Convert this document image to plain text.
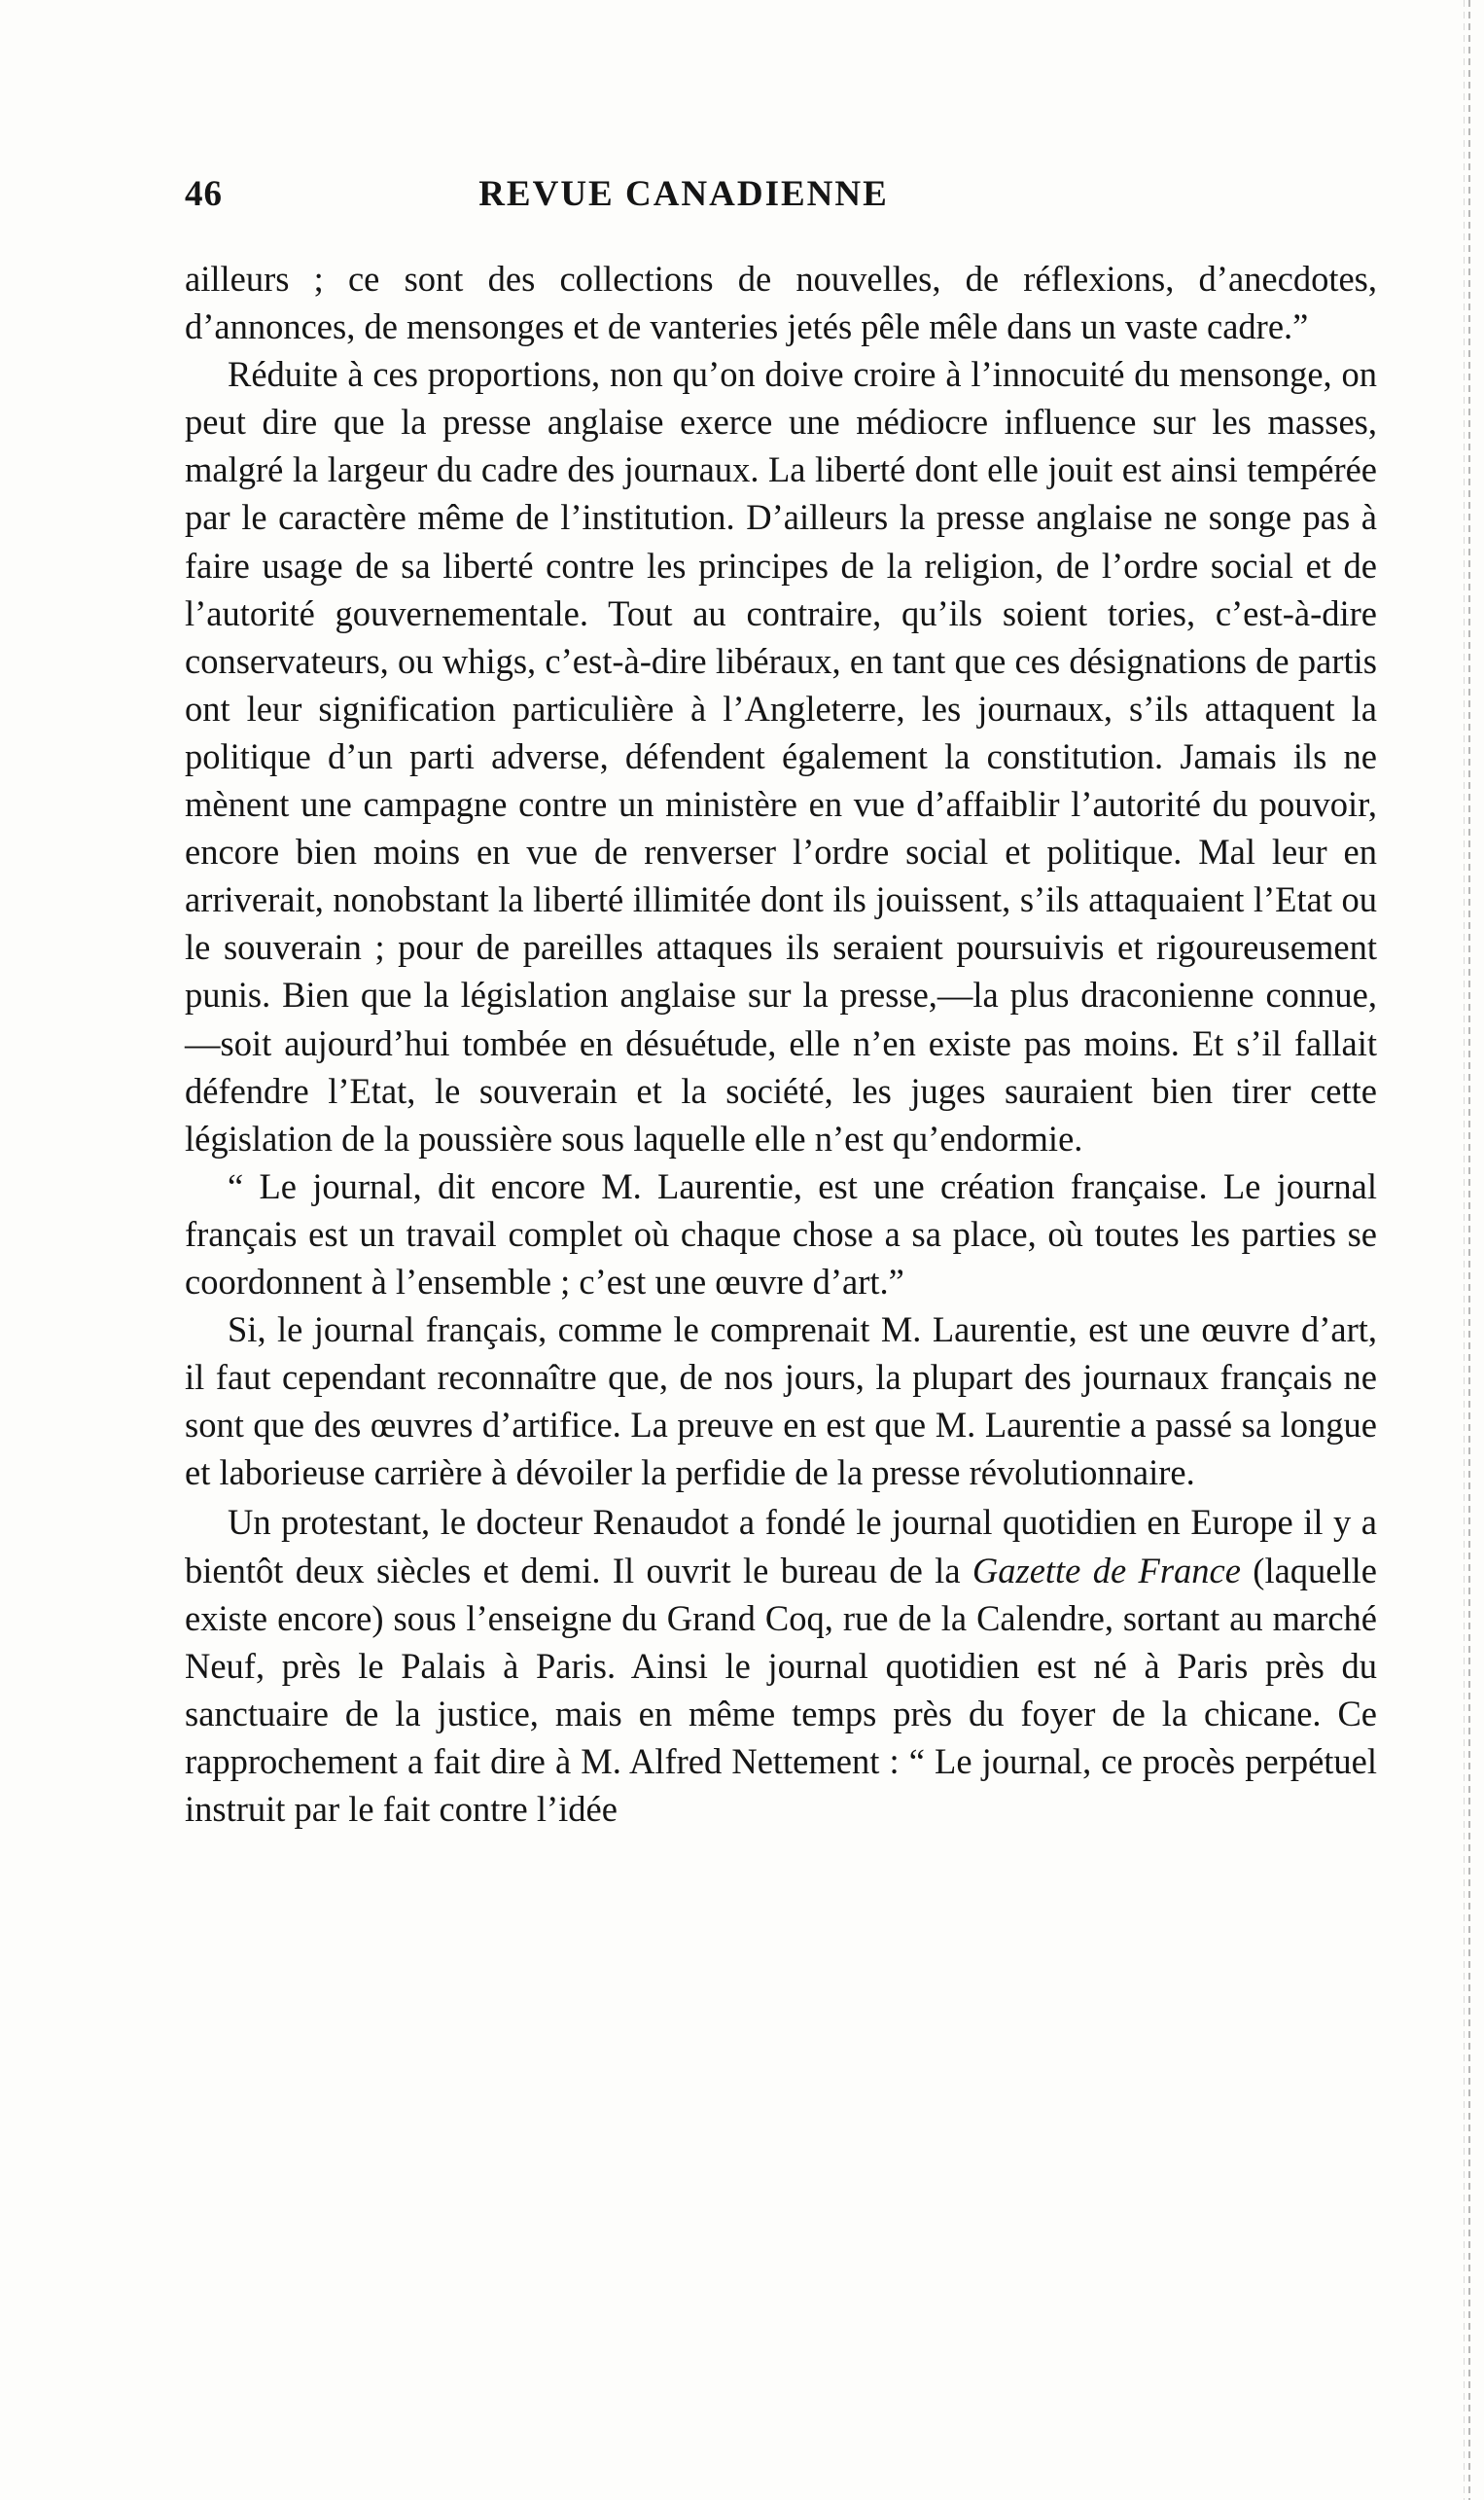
46	REVUE CANADIENNE

ailleurs ; ce sont des collections de nouvelles, de réflexions, d’anecdotes, d’annonces, de mensonges et de vanteries jetés pêle mêle dans un vaste cadre.”

Réduite à ces proportions, non qu’on doive croire à l’innocuité du mensonge, on peut dire que la presse anglaise exerce une médiocre influence sur les masses, malgré la largeur du cadre des journaux. La liberté dont elle jouit est ainsi tempérée par le caractère même de l’institution. D’ailleurs la presse anglaise ne songe pas à faire usage de sa liberté contre les principes de la religion, de l’ordre social et de l’autorité gouvernementale. Tout au contraire, qu’ils soient tories, c’est-à-dire conservateurs, ou whigs, c’est-à-dire libéraux, en tant que ces désignations de partis ont leur signification particulière à l’Angleterre, les journaux, s’ils attaquent la politique d’un parti adverse, défendent également la constitution. Jamais ils ne mènent une campagne contre un ministère en vue d’affaiblir l’autorité du pouvoir, encore bien moins en vue de renverser l’ordre social et politique. Mal leur en arriverait, nonobstant la liberté illimitée dont ils jouissent, s’ils attaquaient l’Etat ou le souverain ; pour de pareilles attaques ils seraient poursuivis et rigoureusement punis. Bien que la législation anglaise sur la presse,—la plus draconienne connue,—soit aujourd’hui tombée en désuétude, elle n’en existe pas moins. Et s’il fallait défendre l’Etat, le souverain et la société, les juges sauraient bien tirer cette législation de la poussière sous laquelle elle n’est qu’endormie.

“ Le journal, dit encore M. Laurentie, est une création française. Le journal français est un travail complet où chaque chose a sa place, où toutes les parties se coordonnent à l’ensemble ; c’est une œuvre d’art.”

Si, le journal français, comme le comprenait M. Laurentie, est une œuvre d’art, il faut cependant reconnaître que, de nos jours, la plupart des journaux français ne sont que des œuvres d’artifice. La preuve en est que M. Laurentie a passé sa longue et laborieuse carrière à dévoiler la perfidie de la presse révolutionnaire.

Un protestant, le docteur Renaudot a fondé le journal quotidien en Europe il y a bientôt deux siècles et demi. Il ouvrit le bureau de la Gazette de France (laquelle existe encore) sous l’enseigne du Grand Coq, rue de la Calendre, sortant au marché Neuf, près le Palais à Paris. Ainsi le journal quotidien est né à Paris près du sanctuaire de la justice, mais en même temps près du foyer de la chicane. Ce rapprochement a fait dire à M. Alfred Nettement : “ Le journal, ce procès perpétuel instruit par le fait contre l’idée
